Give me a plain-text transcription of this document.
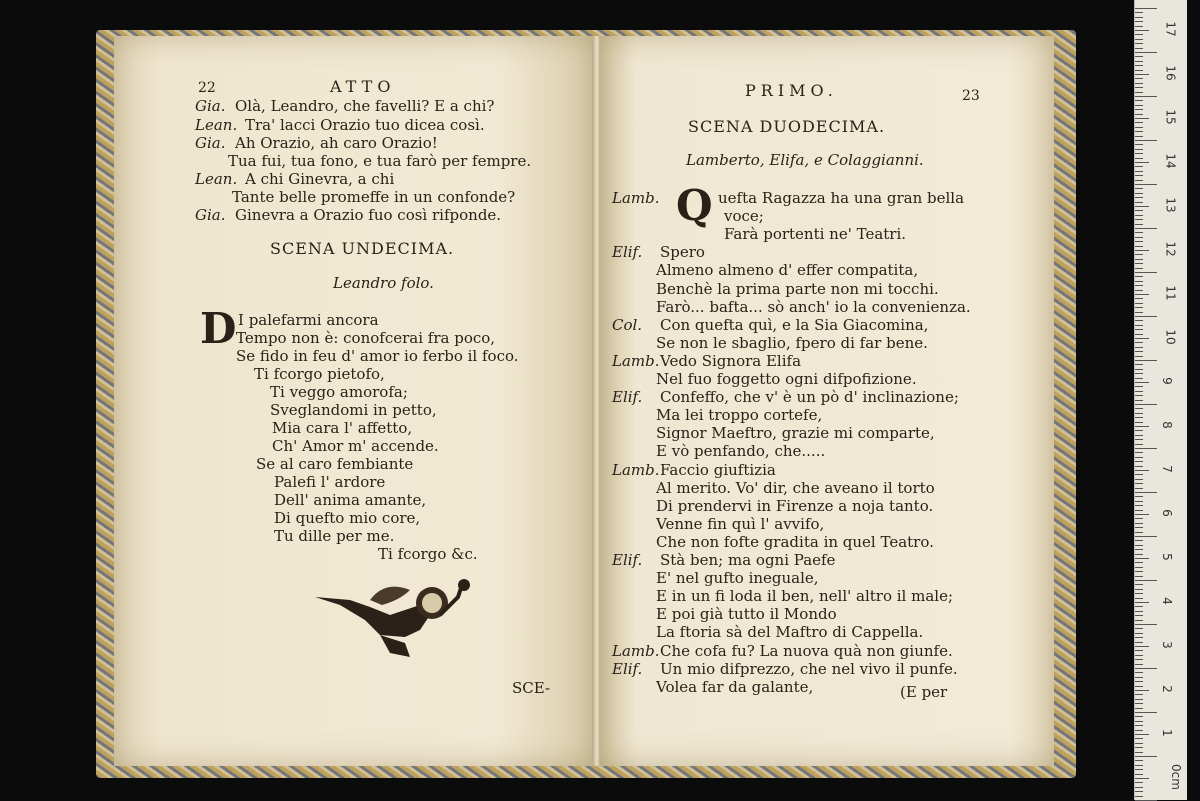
22	ATTO
Gia. Olà, Leandro, che favelli? E a chi?
Lean. Tra' lacci Orazio tuo dicea così.
Gia. Ah Orazio, ah caro Orazio!
Tua fui, tua fono, e tua farò per fempre.
Lean. A chi Ginevra, a chi
Tante belle promeffe in un confonde?
Gia. Ginevra a Orazio fuo così rifponde.
SCENA UNDECIMA.
Leandro folo.
D I palefarmi ancora
Tempo non è: conofcerai fra poco,
Se fido in feu d' amor io ferbo il foco.
Ti fcorgo pietofo,
Ti veggo amorofa;
Sveglandomi in petto,
Mia cara l' affetto,
Ch' Amor m' accende.
Se al caro fembiante
Palefi l' ardore
Dell' anima amante,
Di quefto mio core,
Tu dille per me.
Ti fcorgo &c.
SCE-
PRIMO.	23
SCENA DUODECIMA.
Lamberto, Elifa, e Colaggianni.
Q
Lamb.	uefta Ragazza ha una gran bella
voce;
Farà portenti ne' Teatri.
Elif. Spero
Almeno almeno d' effer compatita,
Benchè la prima parte non mi tocchi.
Farò... bafta... sò anch' io la convenienza.
Col. Con quefta quì, e la Sia Giacomina,
Se non le sbaglio, fpero di far bene.
Lamb. Vedo Signora Elifa
Nel fuo foggetto ogni difpofizione.
Elif. Confeffo, che v' è un pò d' inclinazione;
Ma lei troppo cortefe,
Signor Maeftro, grazie mi comparte,
E vò penfando, che.....
Lamb. Faccio giuftizia
Al merito. Vo' dir, che aveano il torto
Di prendervi in Firenze a noja tanto.
Venne fin quì l' avvifo,
Che non fofte gradita in quel Teatro.
Elif. Stà ben; ma ogni Paefe
E' nel gufto ineguale,
E in un fi loda il ben, nell' altro il male;
E poi già tutto il Mondo
La ftoria sà del Maftro di Cappella.
Lamb. Che cofa fu? La nuova quà non giunfe.
Elif. Un mio difprezzo, che nel vivo il punfe.
Volea far da galante,	(E per
17
16
15
14
13
12
11
10
9
8
7
6
5
4
3
2
1
0cm
